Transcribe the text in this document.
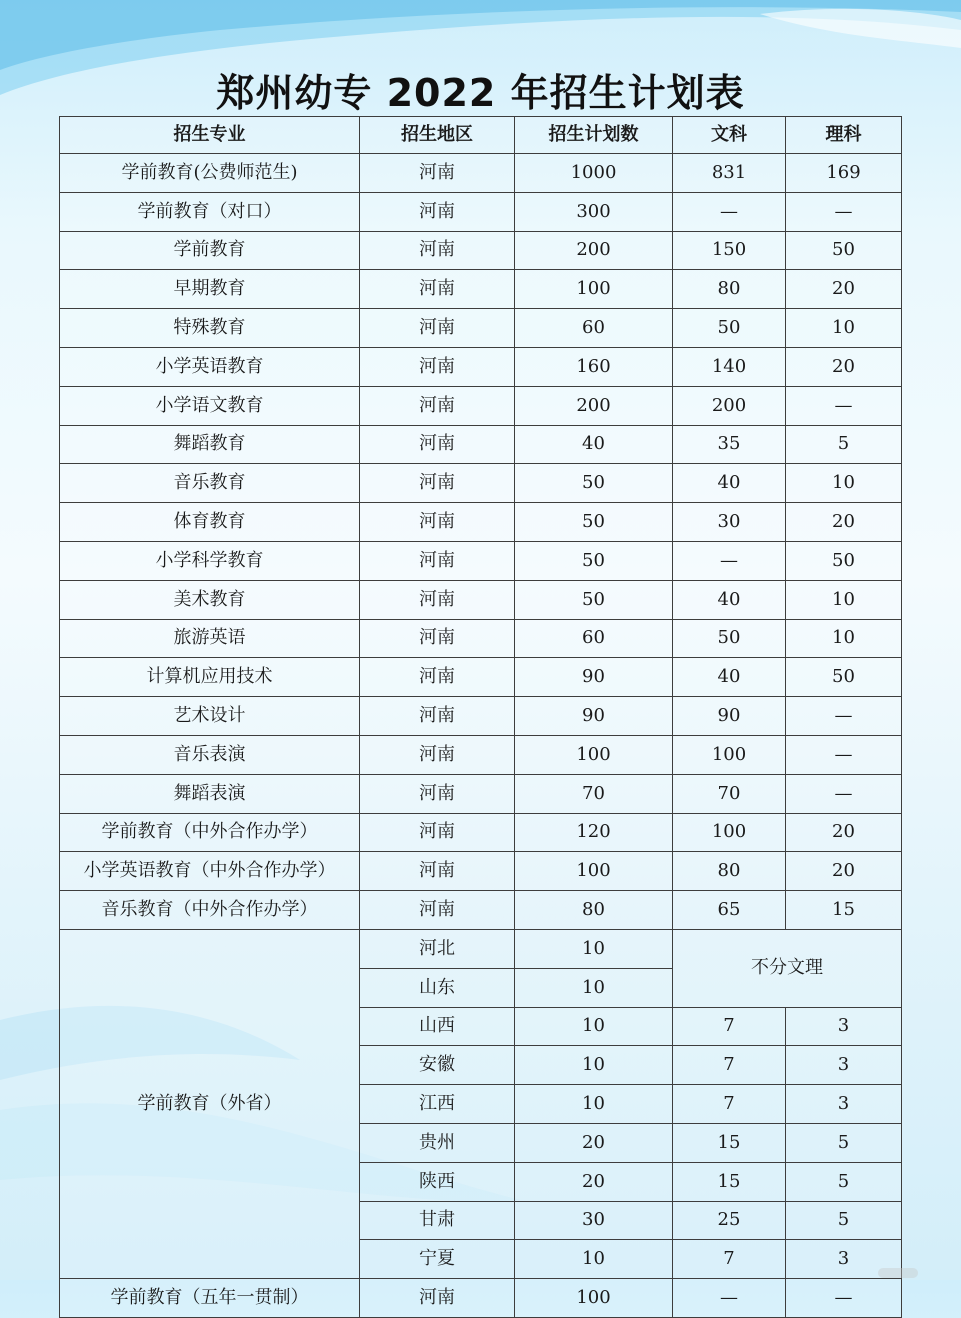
郑州幼专 2022 年招生计划表
招生专业	招生地区	招生计划数	文科	理科
学前教育(公费师范生)	河南	1000	831	169
学前教育（对口）	河南	300	—	—
学前教育	河南	200	150	50
早期教育	河南	100	80	20
特殊教育	河南	60	50	10
小学英语教育	河南	160	140	20
小学语文教育	河南	200	200	—
舞蹈教育	河南	40	35	5
音乐教育	河南	50	40	10
体育教育	河南	50	30	20
小学科学教育	河南	50	—	50
美术教育	河南	50	40	10
旅游英语	河南	60	50	10
计算机应用技术	河南	90	40	50
艺术设计	河南	90	90	—
音乐表演	河南	100	100	—
舞蹈表演	河南	70	70	—
学前教育（中外合作办学）	河南	120	100	20
小学英语教育（中外合作办学）	河南	100	80	20
音乐教育（中外合作办学）	河南	80	65	15
学前教育（外省）	河北	10	不分文理	
	山东	10		
	山西	10	7	3
	安徽	10	7	3
	江西	10	7	3
	贵州	20	15	5
	陕西	20	15	5
	甘肃	30	25	5
	宁夏	10	7	3
学前教育（五年一贯制）	河南	100	—	—
